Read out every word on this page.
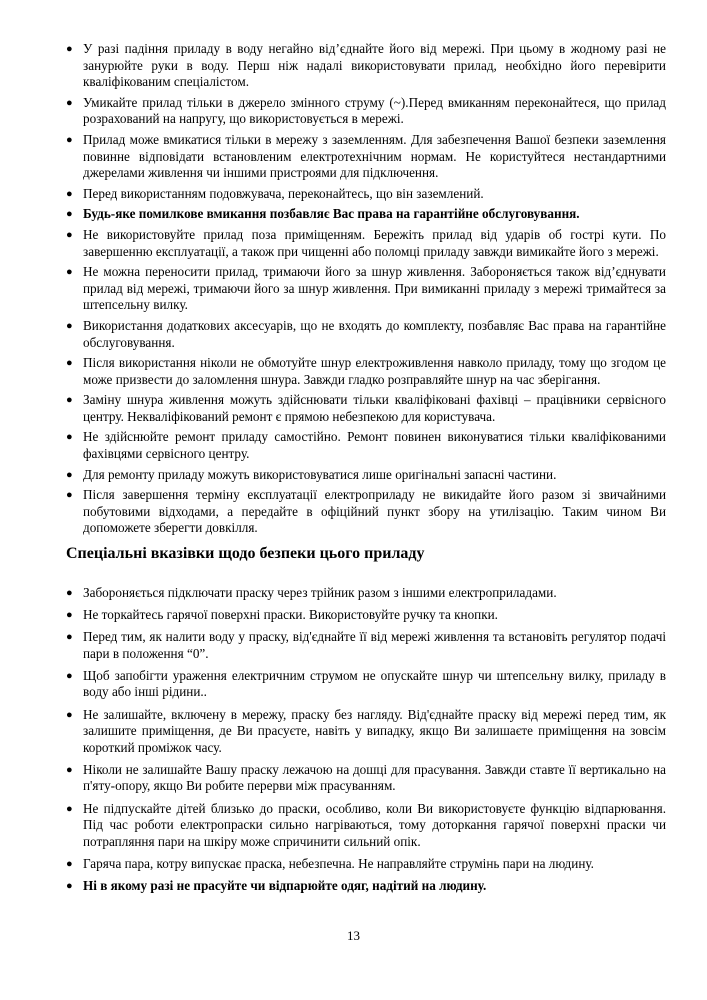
● У разі падіння приладу в воду негайно від’єднайте його від мережі. При цьому в жодному разі не занурюйте руки в воду. Перш ніж надалі використовувати прилад, необхідно його перевірити кваліфікованим спеціалістом.
● Умикайте прилад тільки в джерело змінного струму (~).Перед вмиканням переконайтеся, що прилад розрахований на напругу, що використовується в мережі.
● Прилад може вмикатися тільки в мережу з заземленням. Для забезпечення Вашої безпеки заземлення повинне відповідати встановленим електротехнічним нормам. Не користуйтеся нестандартними джерелами живлення чи іншими пристроями для підключення.
● Перед використанням подовжувача, переконайтесь, що він заземлений.
● Будь-яке помилкове вмикання позбавляє Вас права на гарантійне обслуговування.
● Не використовуйте прилад поза приміщенням. Бережіть прилад від ударів об гострі кути. По завершенню експлуатації, а також при чищенні або поломці приладу завжди вимикайте його з мережі.
● Не можна переносити прилад, тримаючи його за шнур живлення. Забороняється також від’єднувати прилад від мережі, тримаючи його за шнур живлення. При вимиканні приладу з мережі тримайтеся за штепсельну вилку.
● Використання додаткових аксесуарів, що не входять до комплекту, позбавляє Вас права на гарантійне обслуговування.
● Після використання ніколи не обмотуйте шнур електроживлення навколо приладу, тому що згодом це може призвести до заломлення шнура. Завжди гладко розправляйте шнур на час зберігання.
● Заміну шнура живлення можуть здійснювати тільки кваліфіковані фахівці – працівники сервісного центру. Некваліфікований ремонт є прямою небезпекою для користувача.
● Не здійснюйте ремонт приладу самостійно. Ремонт повинен виконуватися тільки кваліфікованими фахівцями сервісного центру.
● Для ремонту приладу можуть використовуватися лише оригінальні запасні частини.
● Після завершення терміну експлуатації електроприладу не викидайте його разом зі звичайними побутовими відходами, а передайте в офіційний пункт збору на утилізацію. Таким чином Ви допоможете зберегти довкілля.
Спеціальні вказівки щодо безпеки цього приладу
● Забороняється підключати праску через трійник разом з іншими електроприладами.
● Не торкайтесь гарячої поверхні праски. Використовуйте ручку та кнопки.
● Перед тим, як налити воду у праску, від'єднайте її від мережі живлення та встановіть регулятор подачі пари в положення “0”.
● Щоб запобігти ураження електричним струмом не опускайте шнур чи штепсельну вилку, приладу в воду або інші рідини..
● Не залишайте, включену в мережу, праску без нагляду. Від'єднайте праску від мережі перед тим, як залишите приміщення, де Ви прасуєте, навіть у випадку, якщо Ви залишаєте приміщення на зовсім короткий проміжок часу.
● Ніколи не залишайте Вашу праску лежачою на дошці для прасування. Завжди ставте її вертикально на п'яту-опору, якщо Ви робите перерви між прасуванням.
● Не підпускайте дітей близько до праски, особливо, коли Ви використовуєте функцію відпарювання. Під час роботи електропраски сильно нагріваються, тому доторкання гарячої поверхні праски чи потрапляння пари на шкіру може спричинити сильний опік.
● Гаряча пара, котру випускає праска, небезпечна. Не направляйте струмінь пари на людину.
● Ні в якому разі не прасуйте чи відпарюйте одяг, надітий на людину.
13
